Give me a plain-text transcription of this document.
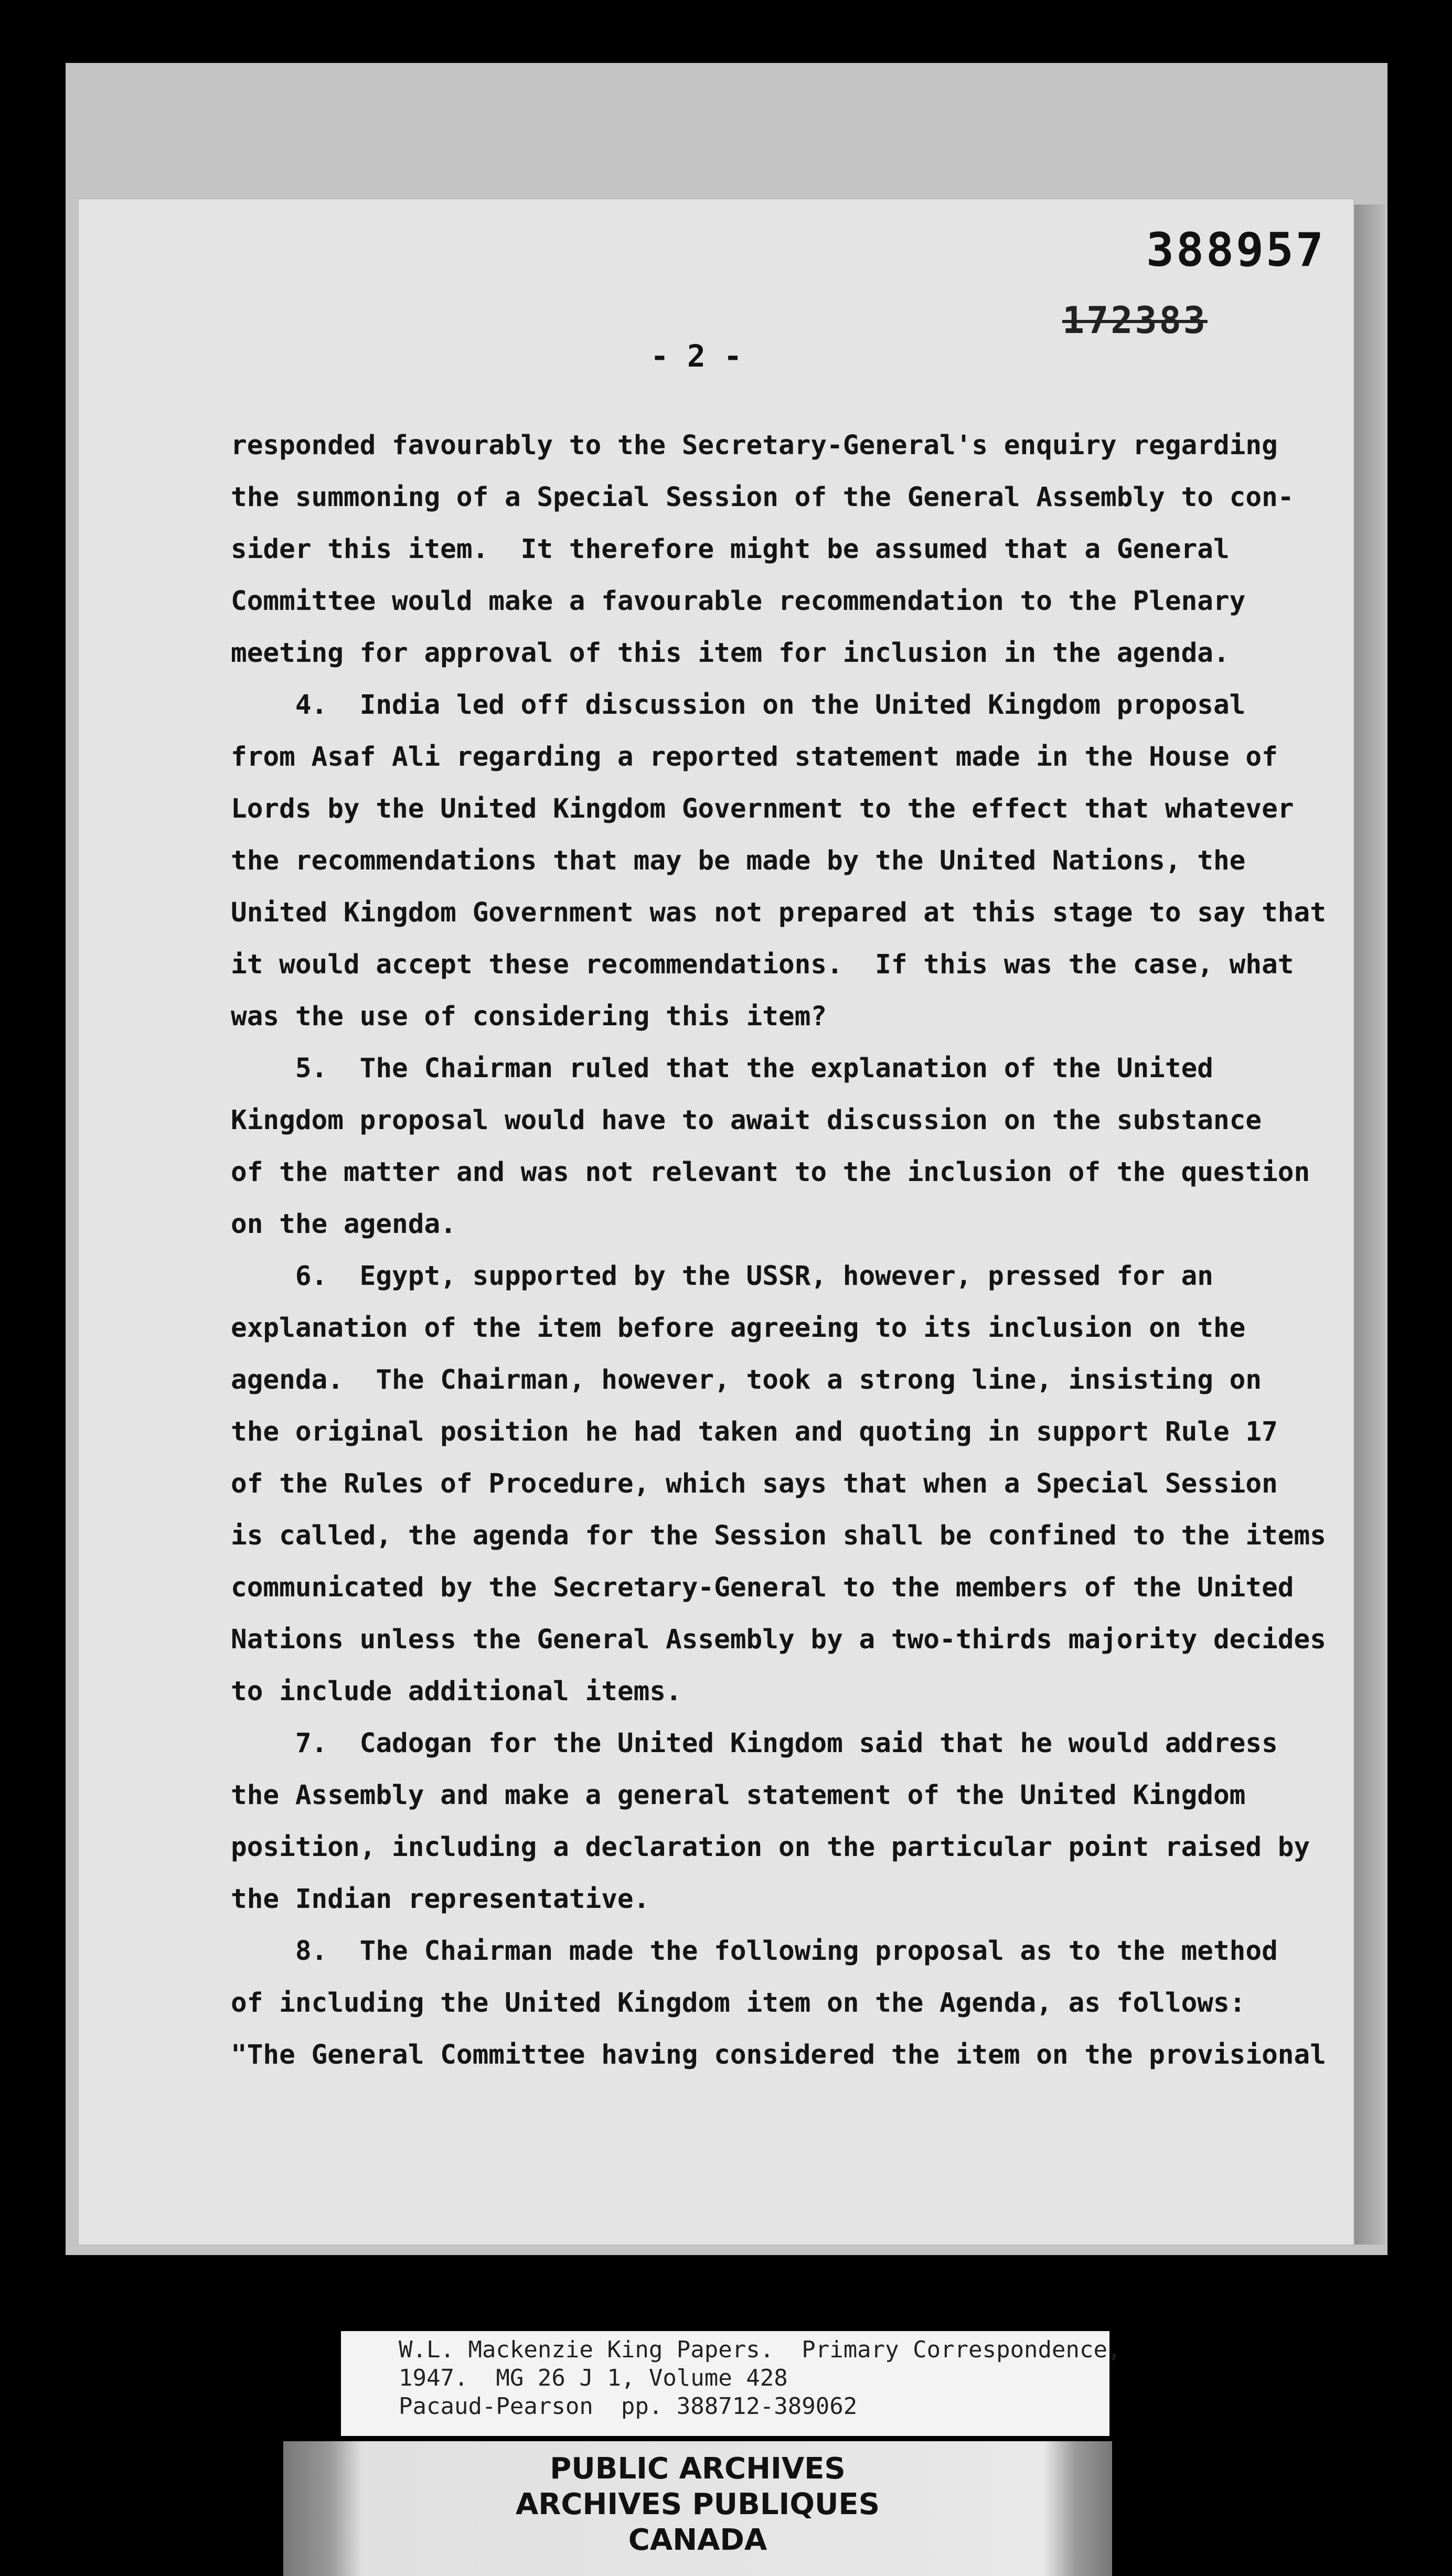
388957
172383
- 2 -
responded favourably to the Secretary-General's enquiry regarding
the summoning of a Special Session of the General Assembly to con-
sider this item.  It therefore might be assumed that a General
Committee would make a favourable recommendation to the Plenary
meeting for approval of this item for inclusion in the agenda.
4.  India led off discussion on the United Kingdom proposal
from Asaf Ali regarding a reported statement made in the House of
Lords by the United Kingdom Government to the effect that whatever
the recommendations that may be made by the United Nations, the
United Kingdom Government was not prepared at this stage to say that
it would accept these recommendations.  If this was the case, what
was the use of considering this item?
5.  The Chairman ruled that the explanation of the United
Kingdom proposal would have to await discussion on the substance
of the matter and was not relevant to the inclusion of the question
on the agenda.
6.  Egypt, supported by the USSR, however, pressed for an
explanation of the item before agreeing to its inclusion on the
agenda.  The Chairman, however, took a strong line, insisting on
the original position he had taken and quoting in support Rule 17
of the Rules of Procedure, which says that when a Special Session
is called, the agenda for the Session shall be confined to the items
communicated by the Secretary-General to the members of the United
Nations unless the General Assembly by a two-thirds majority decides
to include additional items.
7.  Cadogan for the United Kingdom said that he would address
the Assembly and make a general statement of the United Kingdom
position, including a declaration on the particular point raised by
the Indian representative.
8.  The Chairman made the following proposal as to the method
of including the United Kingdom item on the Agenda, as follows:
"The General Committee having considered the item on the provisional
W.L. Mackenzie King Papers.  Primary Correspondence,
1947.  MG 26 J 1, Volume 428
Pacaud-Pearson  pp. 388712-389062
PUBLIC ARCHIVES
ARCHIVES PUBLIQUES
CANADA
